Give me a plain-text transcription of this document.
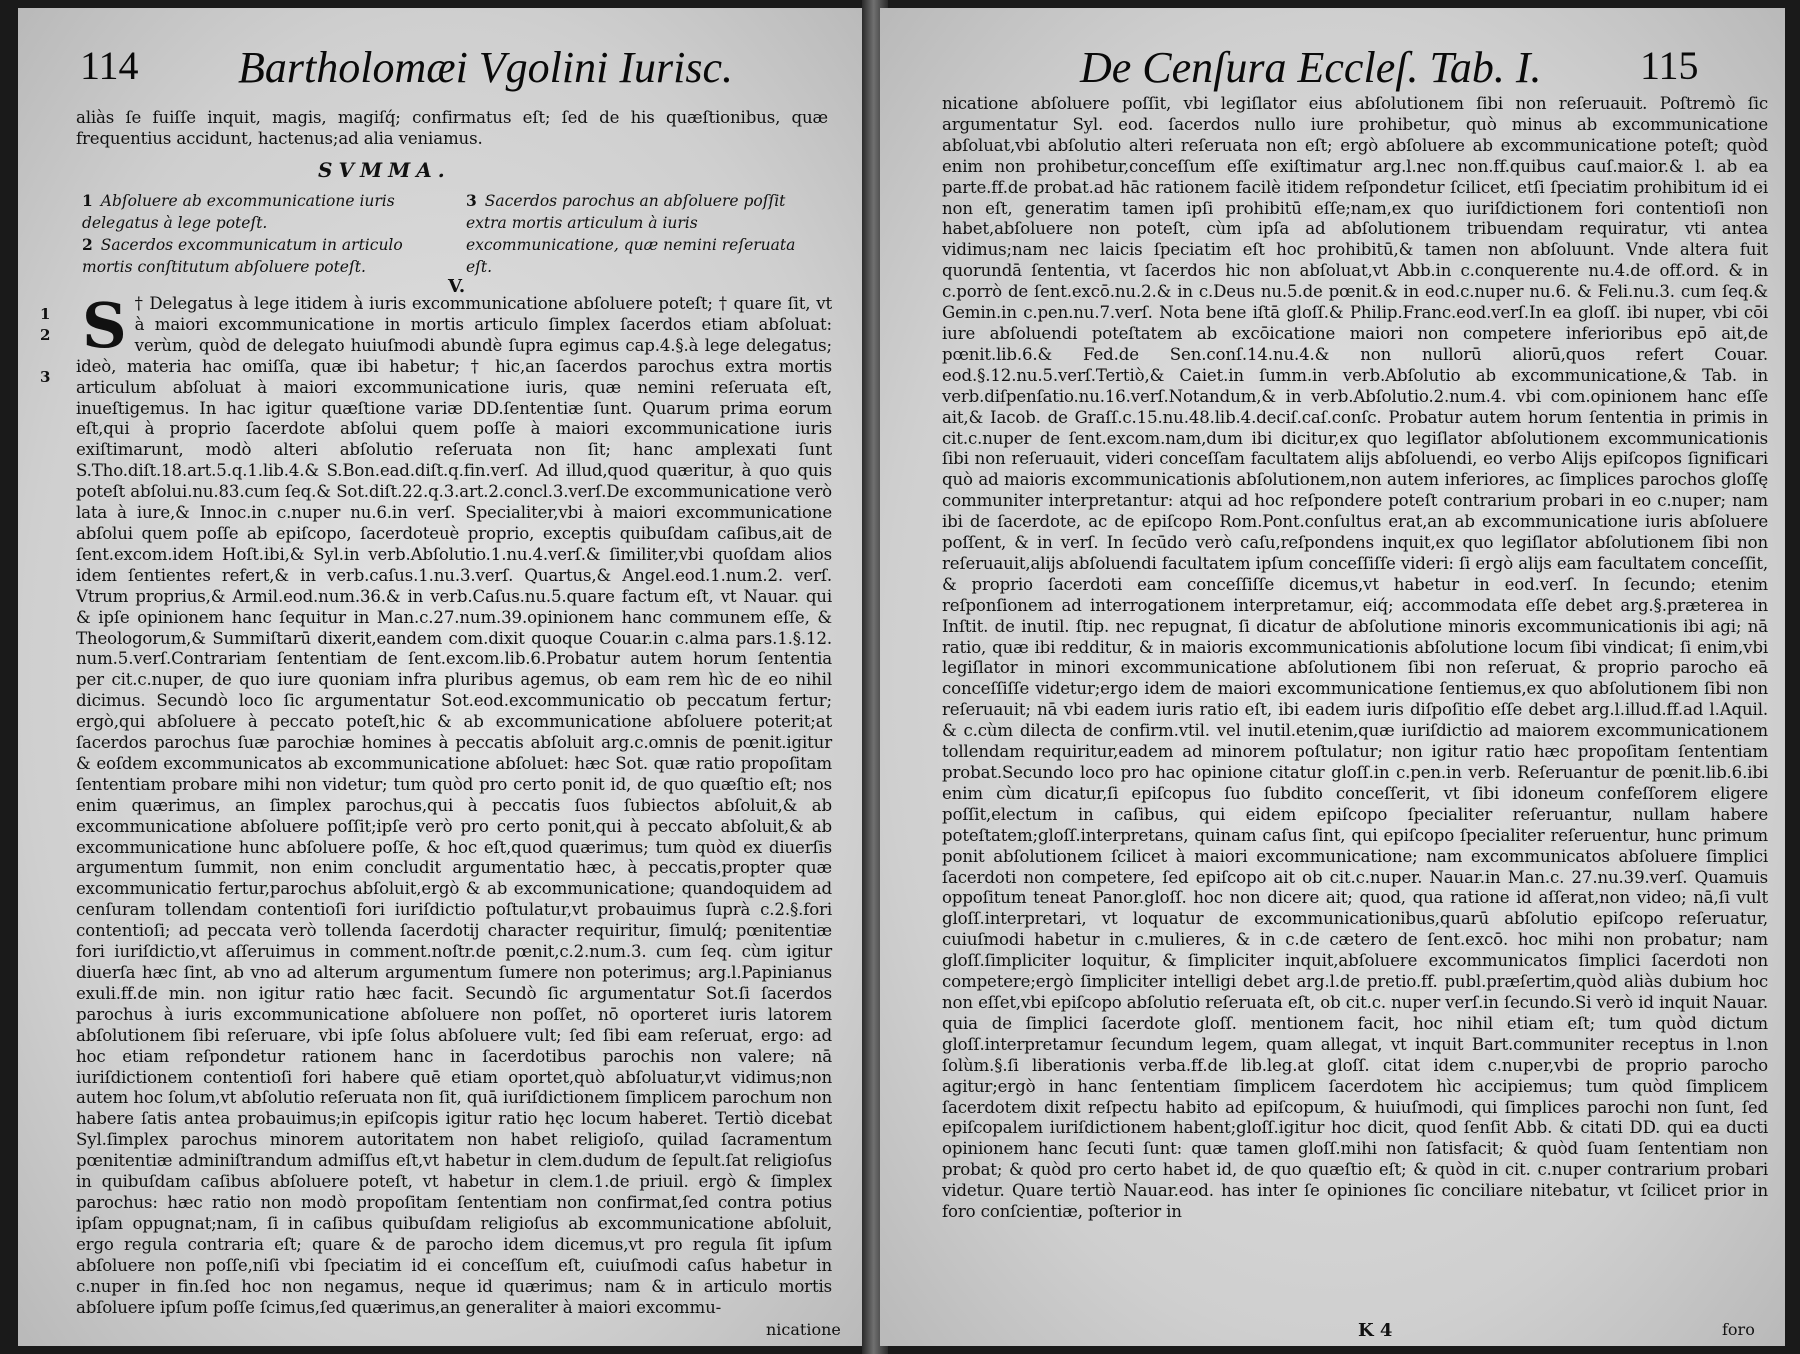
114 Bartholomæi Vgolini Iurisc.
aliàs ſe fuiſſe inquit, magis, magiſq́; confirmatus eſt; ſed de his quæſtionibus, quæ frequentius accidunt, hactenus;ad alia veniamus.
SVMMA.
1 Abſoluere ab excommunicatione iuris delegatus à lege poteſt.
2 Sacerdos excommunicatum in articulo mortis conſtitutum abſoluere poteſt.
3 Sacerdos parochus an abſoluere poſſit extra mortis articulum à iuris excommunicatione, quæ nemini reſeruata eſt.
V.
1
2
3
S † Delegatus à lege itidem à iuris excommunicatione abſoluere poteſt; † quare ſit, vt à maiori excommunicatione in mortis articulo ſimplex ſacerdos etiam abſoluat: verùm, quòd de delegato huiuſmodi abundè ſupra egimus cap.4.§.à lege delegatus; ideò, materia hac omiſſa, quæ ibi habetur; † hic,an ſacerdos parochus extra mortis articulum abſoluat à maiori excommunicatione iuris, quæ nemini reſeruata eſt, inueſtigemus. In hac igitur quæſtione variæ DD.ſententiæ ſunt. Quarum prima eorum eſt,qui à proprio ſacerdote abſolui quem poſſe à maiori excommunicatione iuris exiſtimarunt, modò alteri abſolutio reſeruata non ſit; hanc amplexati ſunt S.Tho.diſt.18.art.5.q.1.lib.4.& S.Bon.ead.diſt.q.fin.verſ. Ad illud,quod quæritur, à quo quis poteſt abſolui.nu.83.cum ſeq.& Sot.diſt.22.q.3.art.2.concl.3.verſ.De excommunicatione verò lata à iure,& Innoc.in c.nuper nu.6.in verſ. Specialiter,vbi à maiori excommunicatione abſolui quem poſſe ab epiſcopo, ſacerdoteuè proprio, exceptis quibuſdam caſibus,ait de ſent.excom.idem Hoſt.ibi,& Syl.in verb.Abſolutio.1.nu.4.verſ.& ſimiliter,vbi quoſdam alios idem ſentientes refert,& in verb.caſus.1.nu.3.verſ. Quartus,& Angel.eod.1.num.2. verſ. Vtrum proprius,& Armil.eod.num.36.& in verb.Caſus.nu.5.quare factum eſt, vt Nauar. qui & ipſe opinionem hanc ſequitur in Man.c.27.num.39.opinionem hanc communem eſſe, & Theologorum,& Summiſtarū dixerit,eandem com.dixit quoque Couar.in c.alma pars.1.§.12. num.5.verſ.Contrariam ſententiam de ſent.excom.lib.6.Probatur autem horum ſententia per cit.c.nuper, de quo iure quoniam infra pluribus agemus, ob eam rem hìc de eo nihil dicimus. Secundò loco ſic argumentatur Sot.eod.excommunicatio ob peccatum fertur; ergò,qui abſoluere à peccato poteſt,hic & ab excommunicatione abſoluere poterit;at ſacerdos parochus ſuæ parochiæ homines à peccatis abſoluit arg.c.omnis de pœnit.igitur & eoſdem excommunicatos ab excommunicatione abſoluet: hæc Sot. quæ ratio propoſitam ſententiam probare mihi non videtur; tum quòd pro certo ponit id, de quo quæſtio eſt; nos enim quærimus, an ſimplex parochus,qui à peccatis ſuos ſubiectos abſoluit,& ab excommunicatione abſoluere poſſit;ipſe verò pro certo ponit,qui à peccato abſoluit,& ab excommunicatione hunc abſoluere poſſe, & hoc eſt,quod quærimus; tum quòd ex diuerſis argumentum ſummit, non enim concludit argumentatio hæc, à peccatis,propter quæ excommunicatio fertur,parochus abſoluit,ergò & ab excommunicatione; quandoquidem ad cenſuram tollendam contentioſi fori iuriſdictio poſtulatur,vt probauimus ſuprà c.2.§.fori contentioſi; ad peccata verò tollenda ſacerdotij character requiritur, ſimulq́; pœnitentiæ fori iuriſdictio,vt aſſeruimus in comment.noſtr.de pœnit,c.2.num.3. cum ſeq. cùm igitur diuerſa hæc ſint, ab vno ad alterum argumentum ſumere non poterimus; arg.l.Papinianus exuli.ff.de min. non igitur ratio hæc facit. Secundò ſic argumentatur Sot.ſi ſacerdos parochus à iuris excommunicatione abſoluere non poſſet, nō oporteret iuris latorem abſolutionem ſibi reſeruare, vbi ipſe ſolus abſoluere vult; ſed ſibi eam reſeruat, ergo: ad hoc etiam reſpondetur rationem hanc in ſacerdotibus parochis non valere; nā iuriſdictionem contentioſi fori habere quē etiam oportet,quò abſoluatur,vt vidimus;non autem hoc ſolum,vt abſolutio reſeruata non ſit, quā iuriſdictionem ſimplicem parochum non habere ſatis antea probauimus;in epiſcopis igitur ratio hęc locum haberet. Tertiò dicebat Syl.ſimplex parochus minorem autoritatem non habet religioſo, quilad ſacramentum pœnitentiæ adminiſtrandum admiſſus eſt,vt habetur in clem.dudum de ſepult.ſat religioſus in quibuſdam caſibus abſoluere poteſt, vt habetur in clem.1.de priuil. ergò & ſimplex parochus: hæc ratio non modò propoſitam ſententiam non confirmat,ſed contra potius ipſam oppugnat;nam, ſi in caſibus quibuſdam religioſus ab excommunicatione abſoluit, ergo regula contraria eſt; quare & de parocho idem dicemus,vt pro regula ſit ipſum abſoluere non poſſe,niſi vbi ſpeciatim id ei conceſſum eſt, cuiuſmodi caſus habetur in c.nuper in fin.ſed hoc non negamus, neque id quærimus; nam & in articulo mortis abſoluere ipſum poſſe ſcimus,ſed quærimus,an generaliter à maiori excommu-
nicatione
De Cenſura Eccleſ. Tab. I. 115
nicatione abſoluere poſſit, vbi legiſlator eius abſolutionem ſibi non reſeruauit. Poſtremò ſic argumentatur Syl. eod. ſacerdos nullo iure prohibetur, quò minus ab excommunicatione abſoluat,vbi abſolutio alteri reſeruata non eſt; ergò abſoluere ab excommunicatione poteſt; quòd enim non prohibetur,conceſſum eſſe exiſtimatur arg.l.nec non.ff.quibus cauſ.maior.& l. ab ea parte.ff.de probat.ad hāc rationem facilè itidem reſpondetur ſcilicet, etſi ſpeciatim prohibitum id ei non eſt, generatim tamen ipſi prohibitū eſſe;nam,ex quo iuriſdictionem fori contentioſi non habet,abſoluere non poteſt, cùm ipſa ad abſolutionem tribuendam requiratur, vti antea vidimus;nam nec laicis ſpeciatim eſt hoc prohibitū,& tamen non abſoluunt. Vnde altera fuit quorundā ſententia, vt ſacerdos hic non abſoluat,vt Abb.in c.conquerente nu.4.de off.ord. & in c.porrò de ſent.excō.nu.2.& in c.Deus nu.5.de pœnit.& in eod.c.nuper nu.6. & Feli.nu.3. cum ſeq.& Gemin.in c.pen.nu.7.verſ. Nota bene iſtā gloſſ.& Philip.Franc.eod.verſ.In ea gloſſ. ibi nuper, vbi cōi iure abſoluendi poteſtatem ab excōicatione maiori non competere inferioribus epō ait,de pœnit.lib.6.& Fed.de Sen.conſ.14.nu.4.& non nullorū aliorū,quos refert Couar. eod.§.12.nu.5.verſ.Tertiò,& Caiet.in ſumm.in verb.Abſolutio ab excommunicatione,& Tab. in verb.diſpenſatio.nu.16.verſ.Notandum,& in verb.Abſolutio.2.num.4. vbi com.opinionem hanc eſſe ait,& Iacob. de Graſſ.c.15.nu.48.lib.4.deciſ.caſ.conſc. Probatur autem horum ſententia in primis in cit.c.nuper de ſent.excom.nam,dum ibi dicitur,ex quo legiſlator abſolutionem excommunicationis ſibi non reſeruauit, videri conceſſam facultatem alijs abſoluendi, eo verbo Alijs epiſcopos ſignificari quò ad maioris excommunicationis abſolutionem,non autem inferiores, ac ſimplices parochos gloſſę communiter interpretantur: atqui ad hoc reſpondere poteſt contrarium probari in eo c.nuper; nam ibi de ſacerdote, ac de epiſcopo Rom.Pont.conſultus erat,an ab excommunicatione iuris abſoluere poſſent, & in verſ. In ſecūdo verò caſu,reſpondens inquit,ex quo legiſlator abſolutionem ſibi non reſeruauit,alijs abſoluendi facultatem ipſum conceſſiſſe videri: ſi ergò alijs eam facultatem conceſſit, & proprio ſacerdoti eam conceſſiſſe dicemus,vt habetur in eod.verſ. In ſecundo; etenim reſponſionem ad interrogationem interpretamur, eiq́; accommodata eſſe debet arg.§.præterea in Inſtit. de inutil. ſtip. nec repugnat, ſi dicatur de abſolutione minoris excommunicationis ibi agi; nā ratio, quæ ibi redditur, & in maioris excommunicationis abſolutione locum ſibi vindicat; ſi enim,vbi legiſlator in minori excommunicatione abſolutionem ſibi non reſeruat, & proprio parocho eā conceſſiſſe videtur;ergo idem de maiori excommunicatione ſentiemus,ex quo abſolutionem ſibi non reſeruauit; nā vbi eadem iuris ratio eſt, ibi eadem iuris diſpoſitio eſſe debet arg.l.illud.ff.ad l.Aquil. & c.cùm dilecta de confirm.vtil. vel inutil.etenim,quæ iuriſdictio ad maiorem excommunicationem tollendam requiritur,eadem ad minorem poſtulatur; non igitur ratio hæc propoſitam ſententiam probat.Secundo loco pro hac opinione citatur gloſſ.in c.pen.in verb. Reſeruantur de pœnit.lib.6.ibi enim cùm dicatur,ſi epiſcopus ſuo ſubdito conceſſerit, vt ſibi idoneum confeſſorem eligere poſſit,electum in caſibus, qui eidem epiſcopo ſpecialiter reſeruantur, nullam habere poteſtatem;gloſſ.interpretans, quinam caſus ſint, qui epiſcopo ſpecialiter reſeruentur, hunc primum ponit abſolutionem ſcilicet à maiori excommunicatione; nam excommunicatos abſoluere ſimplici ſacerdoti non competere, ſed epiſcopo ait ob cit.c.nuper. Nauar.in Man.c. 27.nu.39.verſ. Quamuis oppoſitum teneat Panor.gloſſ. hoc non dicere ait; quod, qua ratione id aſſerat,non video; nā,ſi vult gloſſ.interpretari, vt loquatur de excommunicationibus,quarū abſolutio epiſcopo reſeruatur, cuiuſmodi habetur in c.mulieres, & in c.de cætero de ſent.excō. hoc mihi non probatur; nam gloſſ.ſimpliciter loquitur, & ſimpliciter inquit,abſoluere excommunicatos ſimplici ſacerdoti non competere;ergò ſimpliciter intelligi debet arg.l.de pretio.ff. publ.præſertim,quòd aliàs dubium hoc non eſſet,vbi epiſcopo abſolutio reſeruata eſt, ob cit.c. nuper verſ.in ſecundo.Si verò id inquit Nauar. quia de ſimplici ſacerdote gloſſ. mentionem facit, hoc nihil etiam eſt; tum quòd dictum gloſſ.interpretamur ſecundum legem, quam allegat, vt inquit Bart.communiter receptus in l.non ſolùm.§.ſi liberationis verba.ff.de lib.leg.at gloſſ. citat idem c.nuper,vbi de proprio parocho agitur;ergò in hanc ſententiam ſimplicem ſacerdotem hìc accipiemus; tum quòd ſimplicem ſacerdotem dixit reſpectu habito ad epiſcopum, & huiuſmodi, qui ſimplices parochi non ſunt, ſed epiſcopalem iuriſdictionem habent;gloſſ.igitur hoc dicit, quod ſenſit Abb. & citati DD. qui ea ducti opinionem hanc ſecuti ſunt: quæ tamen gloſſ.mihi non ſatisfacit; & quòd ſuam ſententiam non probat; & quòd pro certo habet id, de quo quæſtio eſt; & quòd in cit. c.nuper contrarium probari videtur. Quare tertiò Nauar.eod. has inter ſe opiniones ſic conciliare nitebatur, vt ſcilicet prior in foro conſcientiæ, poſterior in
K 4	foro
